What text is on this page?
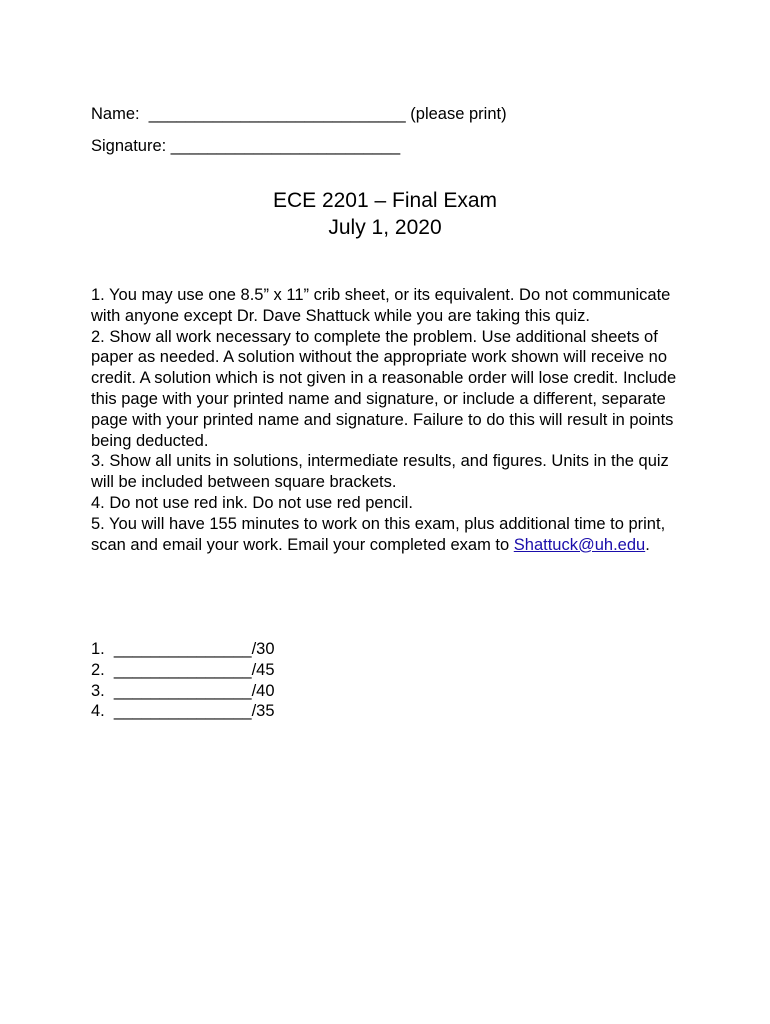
Name:  ____________________________ (please print)
Signature: _________________________
ECE 2201 – Final Exam
July 1, 2020

1. You may use one 8.5” x 11” crib sheet, or its equivalent. Do not communicate with anyone except Dr. Dave Shattuck while you are taking this quiz.

2. Show all work necessary to complete the problem. Use additional sheets of paper as needed. A solution without the appropriate work shown will receive no credit. A solution which is not given in a reasonable order will lose credit. Include this page with your printed name and signature, or include a different, separate page with your printed name and signature. Failure to do this will result in points being deducted.

3. Show all units in solutions, intermediate results, and figures. Units in the quiz will be included between square brackets.

4. Do not use red ink. Do not use red pencil.

5. You will have 155 minutes to work on this exam, plus additional time to print, scan and email your work. Email your completed exam to Shattuck@uh.edu.

1.  _______________/30
2.  _______________/45
3.  _______________/40
4.  _______________/35
